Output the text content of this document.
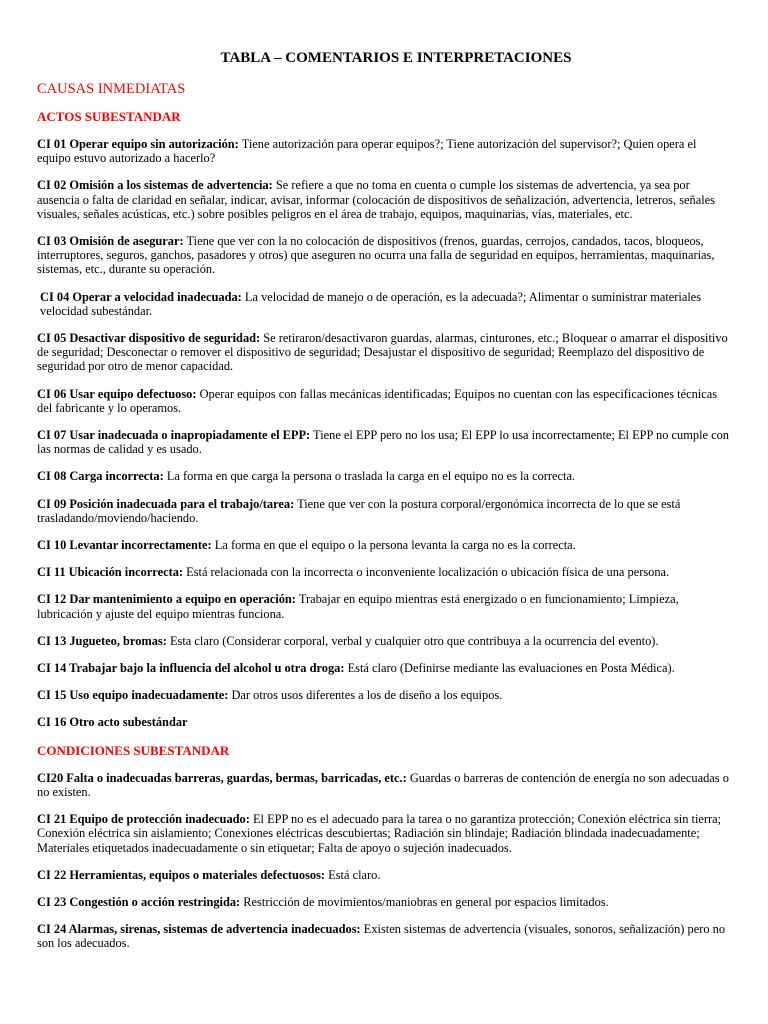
TABLA – COMENTARIOS E INTERPRETACIONES
CAUSAS INMEDIATAS
ACTOS SUBESTANDAR
CI 01 Operar equipo sin autorización: Tiene autorización para operar equipos?; Tiene autorización del supervisor?; Quien opera el equipo estuvo autorizado a hacerlo?
CI 02 Omisión a los sistemas de advertencia: Se refiere a que no toma en cuenta o cumple los sistemas de advertencia, ya sea por ausencia o falta de claridad en señalar, indicar, avisar, informar (colocación de dispositivos de señalización, advertencia, letreros, señales visuales, señales acústicas, etc.) sobre posibles peligros en el área de trabajo, equipos, maquinarias, vías, materiales, etc.
CI 03 Omisión de asegurar: Tiene que ver con la no colocación de dispositivos (frenos, guardas, cerrojos, candados, tacos, bloqueos, interruptores, seguros, ganchos, pasadores y otros) que aseguren no ocurra una falla de seguridad en equipos, herramientas, maquinarias, sistemas, etc., durante su operación.
CI 04 Operar a velocidad inadecuada: La velocidad de manejo o de operación, es la adecuada?; Alimentar o suministrar materiales velocidad subestándar.
CI 05 Desactivar dispositivo de seguridad: Se retiraron/desactivaron guardas, alarmas, cinturones, etc.; Bloquear o amarrar el dispositivo de seguridad; Desconectar o remover el dispositivo de seguridad; Desajustar el dispositivo de seguridad; Reemplazo del dispositivo de seguridad por otro de menor capacidad.
CI 06 Usar equipo defectuoso: Operar equipos con fallas mecánicas identificadas; Equipos no cuentan con las especificaciones técnicas del fabricante y lo operamos.
CI 07 Usar inadecuada o inapropiadamente el EPP: Tiene el EPP pero no los usa; El EPP lo usa incorrectamente; El EPP no cumple con las normas de calidad y es usado.
CI 08 Carga incorrecta: La forma en que carga la persona o traslada la carga en el equipo no es la correcta.
CI 09 Posición inadecuada para el trabajo/tarea: Tiene que ver con la postura corporal/ergonómica incorrecta de lo que se está trasladando/moviendo/haciendo.
CI 10 Levantar incorrectamente: La forma en que el equipo o la persona levanta la carga no es la correcta.
CI 11 Ubicación incorrecta: Está relacionada con la incorrecta o inconveniente localización o ubicación física de una persona.
CI 12 Dar mantenimiento a equipo en operación: Trabajar en equipo mientras está energizado o en funcionamiento; Limpieza, lubricación y ajuste del equipo mientras funciona.
CI 13 Jugueteo, bromas: Esta claro (Considerar corporal, verbal y cualquier otro que contribuya a la ocurrencia del evento).
CI 14 Trabajar bajo la influencia del alcohol u otra droga: Está claro (Definirse mediante las evaluaciones en Posta Médica).
CI 15 Uso equipo inadecuadamente: Dar otros usos diferentes a los de diseño a los equipos.
CI 16 Otro acto subestándar
CONDICIONES SUBESTANDAR
CI20 Falta o inadecuadas barreras, guardas, bermas, barricadas, etc.: Guardas o barreras de contención de energía no son adecuadas o no existen.
CI 21 Equipo de protección inadecuado: El EPP no es el adecuado para la tarea o no garantiza protección; Conexión eléctrica sin tierra; Conexión eléctrica sin aislamiento; Conexiones eléctricas descubiertas; Radiación sin blindaje; Radiación blindada inadecuadamente; Materiales etiquetados inadecuadamente o sin etiquetar; Falta de apoyo o sujeción inadecuados.
CI 22 Herramientas, equipos o materiales defectuosos: Está claro.
CI 23 Congestión o acción restringida: Restricción de movimientos/maniobras en general por espacios limitados.
CI 24 Alarmas, sirenas, sistemas de advertencia inadecuados: Existen sistemas de advertencia (visuales, sonoros, señalización) pero no son los adecuados.
